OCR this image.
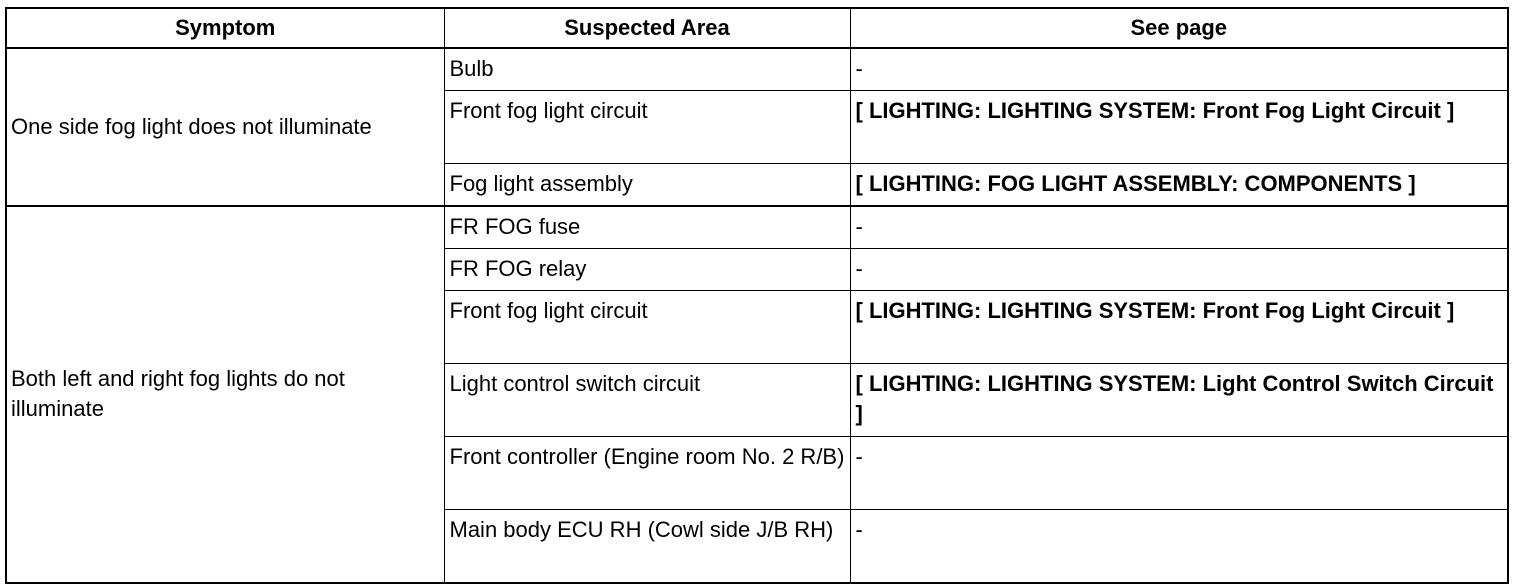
Symptom	Suspected Area	See page
One side fog light does not illuminate	Bulb	-
	Front fog light circuit	[ LIGHTING: LIGHTING SYSTEM: Front Fog Light Circuit ]
	Fog light assembly	[ LIGHTING: FOG LIGHT ASSEMBLY: COMPONENTS ]
Both left and right fog lights do not illuminate	FR FOG fuse	-
	FR FOG relay	-
	Front fog light circuit	[ LIGHTING: LIGHTING SYSTEM: Front Fog Light Circuit ]
	Light control switch circuit	[ LIGHTING: LIGHTING SYSTEM: Light Control Switch Circuit ]
	Front controller (Engine room No. 2 R/B)	-
	Main body ECU RH (Cowl side J/B RH)	-
